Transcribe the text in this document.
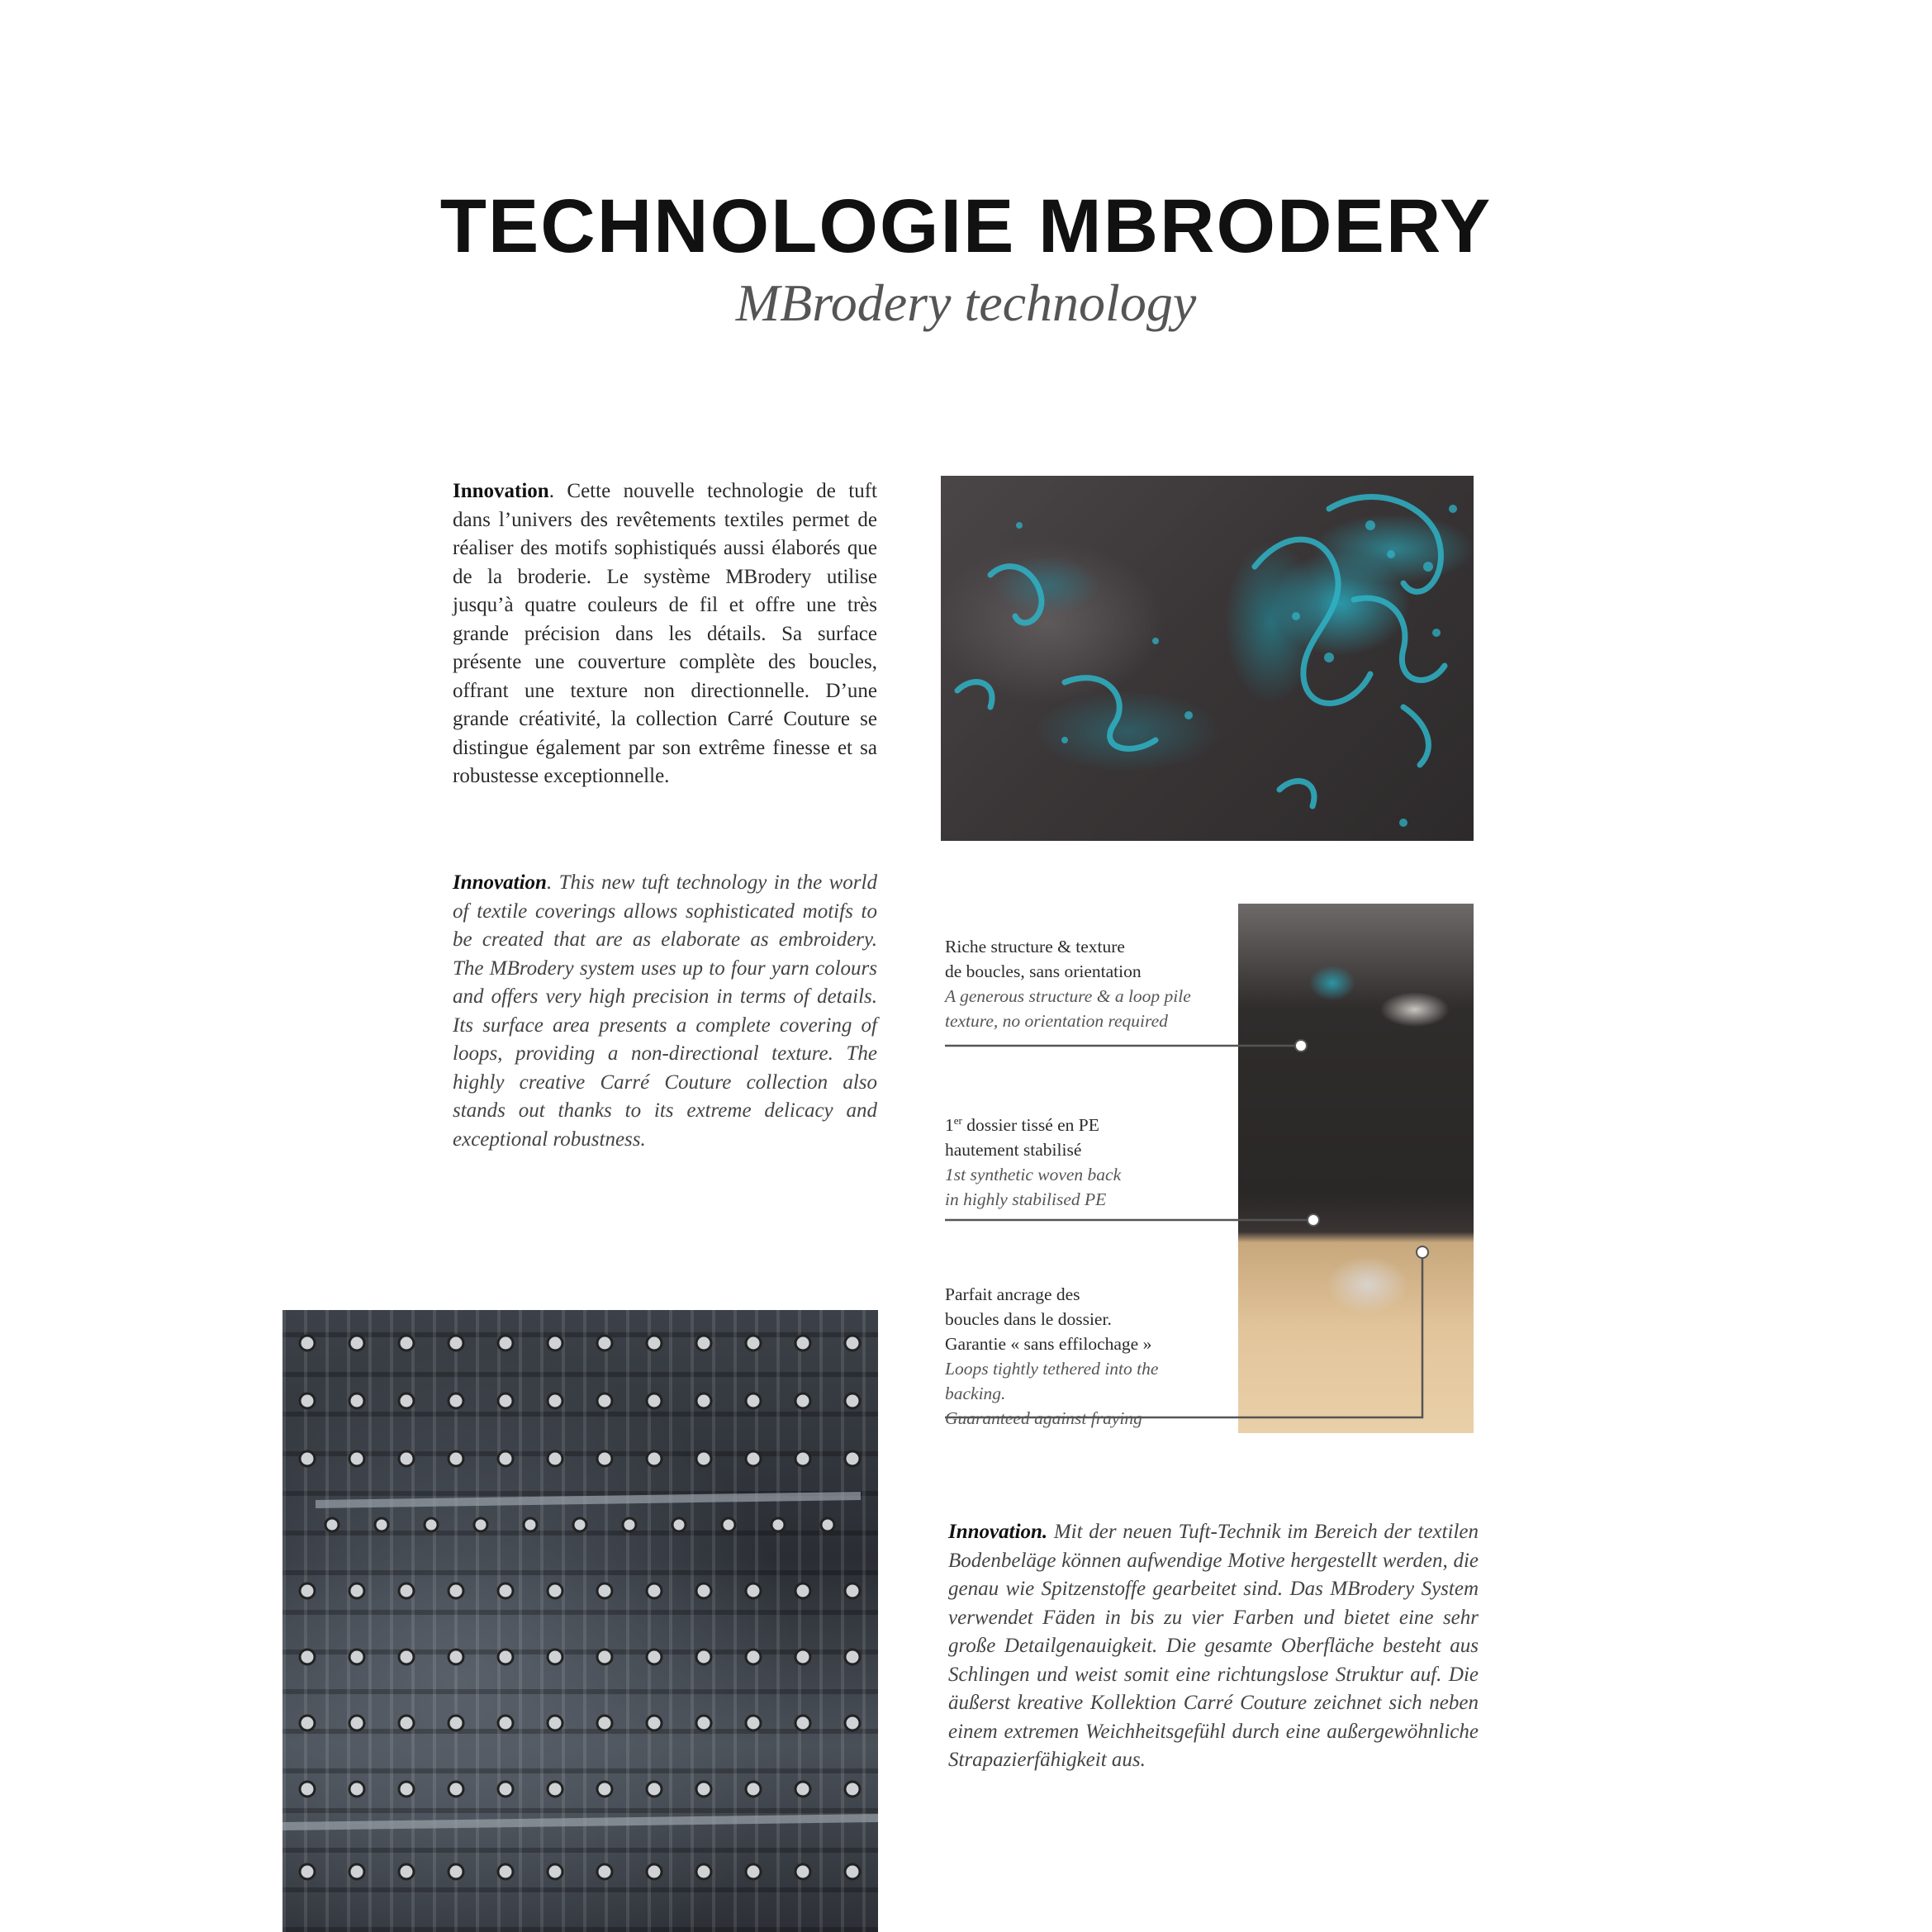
TECHNOLOGIE MBRODERY
MBrodery technology

Innovation. Cette nouvelle technologie de tuft dans l’univers des revêtements textiles permet de réaliser des motifs sophistiqués aussi élaborés que de la broderie. Le système MBrodery utilise jusqu’à quatre couleurs de fil et offre une très grande précision dans les détails. Sa surface présente une couverture complète des boucles, offrant une texture non directionnelle. D’une grande créativité, la collection Carré Couture se distingue également par son extrême finesse et sa robustesse exceptionnelle.

Innovation. This new tuft technology in the world of textile coverings allows sophisticated motifs to be created that are as elaborate as embroidery. The MBrodery system uses up to four yarn colours and offers very high precision in terms of details. Its surface area presents a complete covering of loops, providing a non-directional texture. The highly creative Carré Couture collection also stands out thanks to its extreme delicacy and exceptional robustness.

Riche structure & texture
de boucles, sans orientation
A generous structure & a loop pile
texture, no orientation required
1er dossier tissé en PE
hautement stabilisé
1st synthetic woven back
in highly stabilised PE
Parfait ancrage des
boucles dans le dossier.
Garantie « sans effilochage »
Loops tightly tethered into the backing.
Guaranteed against fraying

Innovation. Mit der neuen Tuft-Technik im Bereich der textilen Bodenbeläge können aufwendige Motive hergestellt werden, die genau wie Spitzenstoffe gearbeitet sind. Das MBrodery System verwendet Fäden in bis zu vier Farben und bietet eine sehr große Detailgenauigkeit. Die gesamte Oberfläche besteht aus Schlingen und weist somit eine richtungslose Struktur auf. Die äußerst kreative Kollektion Carré Couture zeichnet sich neben einem extremen Weichheitsgefühl durch eine außergewöhnliche Strapazierfähigkeit aus.
